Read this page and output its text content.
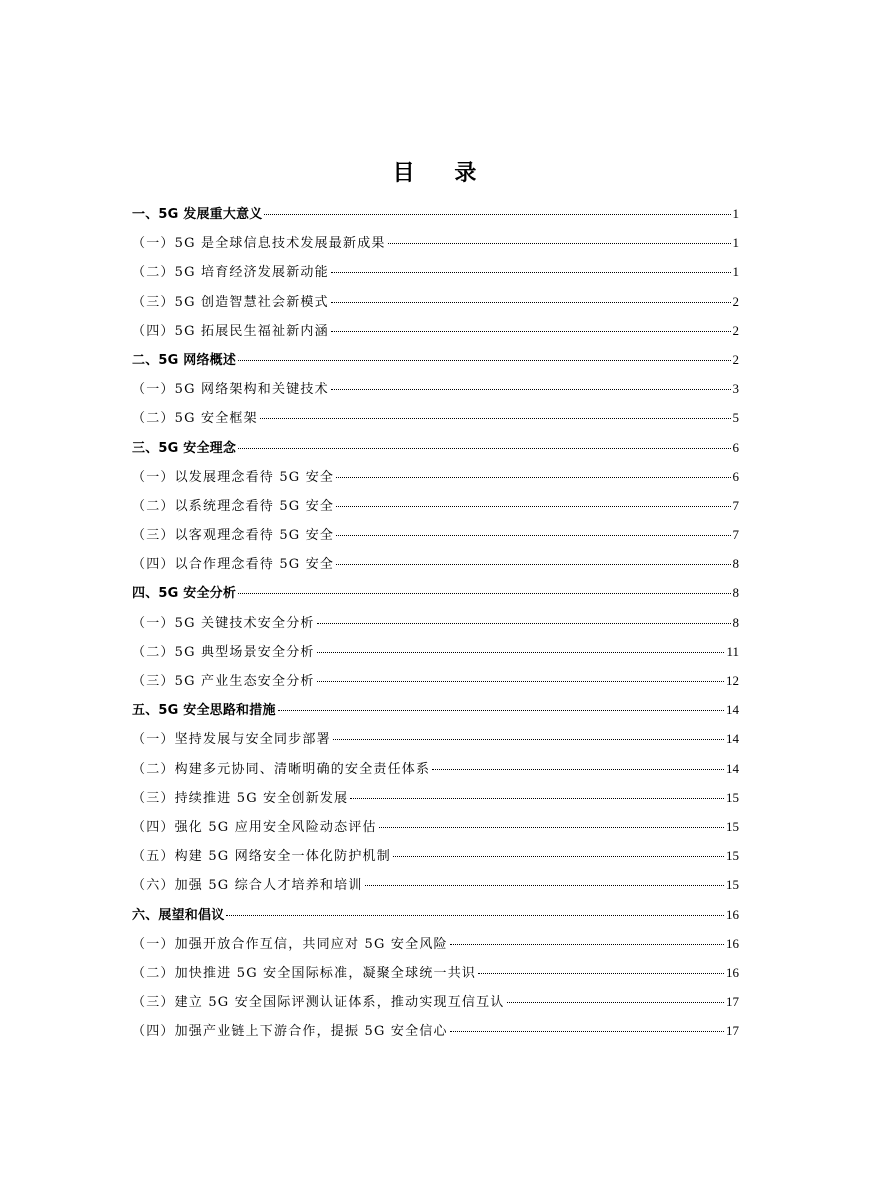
目 录
一、5G 发展重大意义	1
（一）5G 是全球信息技术发展最新成果	1
（二）5G 培育经济发展新动能	1
（三）5G 创造智慧社会新模式	2
（四）5G 拓展民生福祉新内涵	2
二、5G 网络概述	2
（一）5G 网络架构和关键技术	3
（二）5G 安全框架	5
三、5G 安全理念	6
（一）以发展理念看待 5G 安全	6
（二）以系统理念看待 5G 安全	7
（三）以客观理念看待 5G 安全	7
（四）以合作理念看待 5G 安全	8
四、5G 安全分析	8
（一）5G 关键技术安全分析	8
（二）5G 典型场景安全分析	11
（三）5G 产业生态安全分析	12
五、5G 安全思路和措施	14
（一）坚持发展与安全同步部署	14
（二）构建多元协同、清晰明确的安全责任体系	14
（三）持续推进 5G 安全创新发展	15
（四）强化 5G 应用安全风险动态评估	15
（五）构建 5G 网络安全一体化防护机制	15
（六）加强 5G 综合人才培养和培训	15
六、展望和倡议	16
（一）加强开放合作互信，共同应对 5G 安全风险	16
（二）加快推进 5G 安全国际标准，凝聚全球统一共识	16
（三）建立 5G 安全国际评测认证体系，推动实现互信互认	17
（四）加强产业链上下游合作，提振 5G 安全信心	17
